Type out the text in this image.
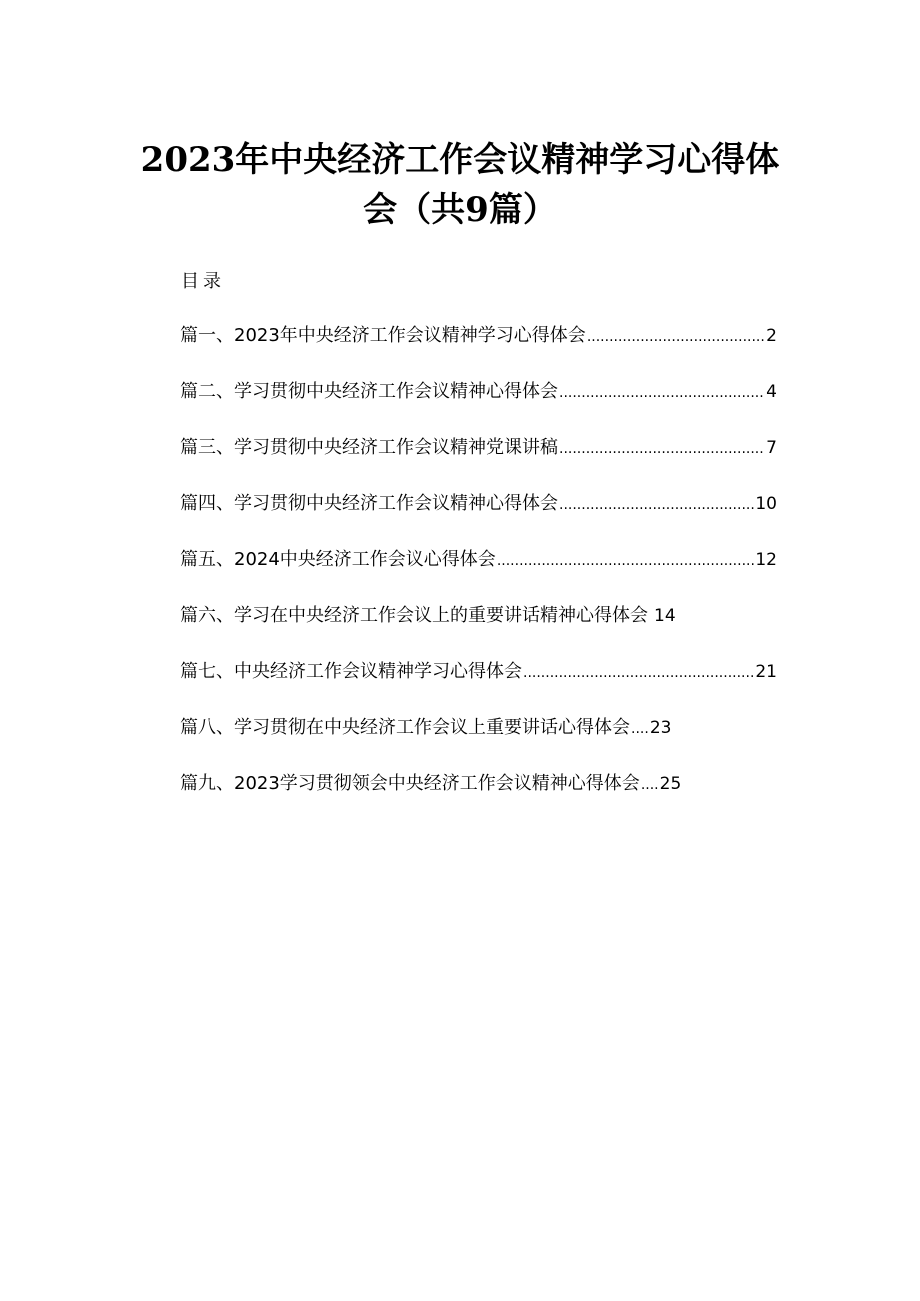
2023年中央经济工作会议精神学习心得体
会（共9篇）
目录
篇一、2023年中央经济工作会议精神学习心得体会 .....	2
篇二、学习贯彻中央经济工作会议精神心得体会 .....	4
篇三、学习贯彻中央经济工作会议精神党课讲稿 .....	7
篇四、学习贯彻中央经济工作会议精神心得体会 .....	10
篇五、2024中央经济工作会议心得体会 .....	12
篇六、学习在中央经济工作会议上的重要讲话精神心得体会 14
篇七、中央经济工作会议精神学习心得体会 .....	21
篇八、学习贯彻在中央经济工作会议上重要讲话心得体会 .... 23
篇九、2023学习贯彻领会中央经济工作会议精神心得体会 .... 25
